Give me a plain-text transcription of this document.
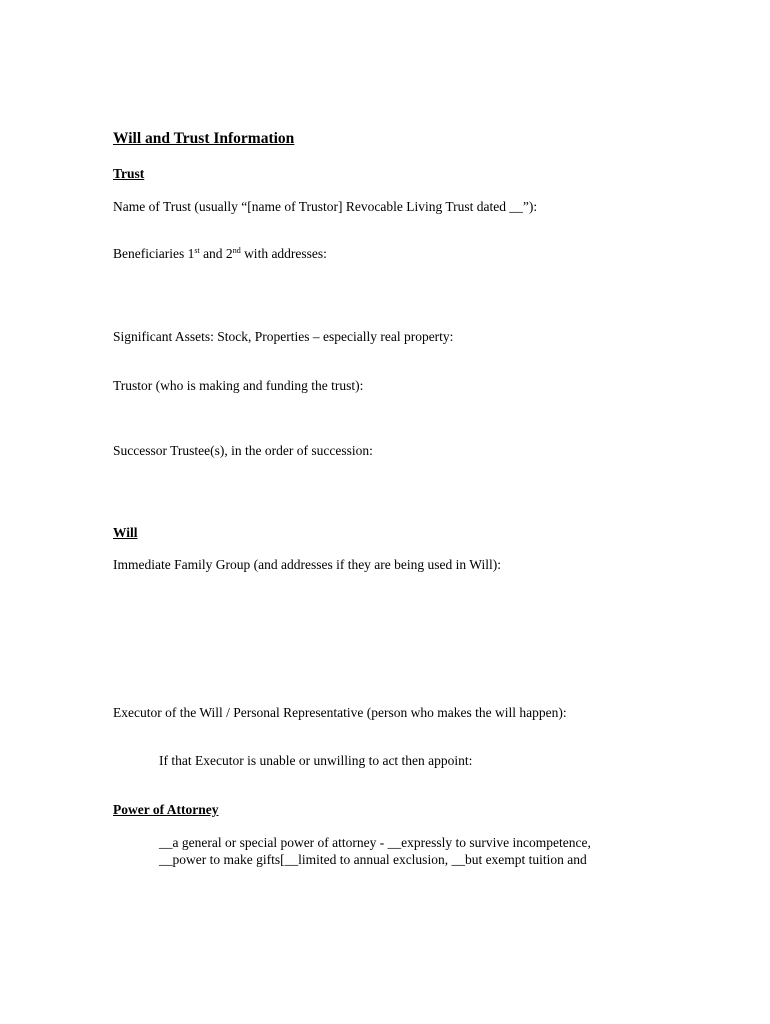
Will and Trust Information
Trust
Name of Trust (usually “[name of Trustor] Revocable Living Trust dated __”):
Beneficiaries 1st and 2nd with addresses:
Significant Assets: Stock, Properties – especially real property:
Trustor (who is making and funding the trust):
Successor Trustee(s), in the order of succession:
Will
Immediate Family Group (and addresses if they are being used in Will):
Executor of the Will / Personal Representative (person who makes the will happen):
If that Executor is unable or unwilling to act then appoint:
Power of Attorney
__a general or special power of attorney - __expressly to survive incompetence,
__power to make gifts[__limited to annual exclusion, __but exempt tuition and
